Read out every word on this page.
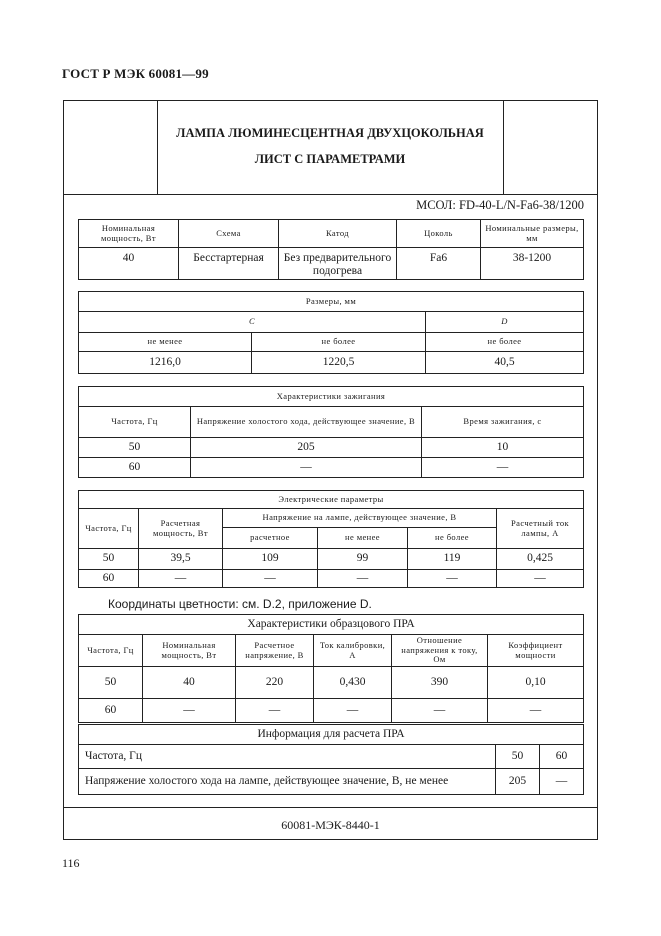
ГОСТ Р МЭК 60081—99
ЛАМПА ЛЮМИНЕСЦЕНТНАЯ ДВУХЦОКОЛЬНАЯ
ЛИСТ С ПАРАМЕТРАМИ
МСОЛ: FD-40-L/N-Fa6-38/1200
Номинальная мощность, Вт	Схема	Катод	Цоколь	Номинальные размеры, мм
40	Бесстартерная	Без предварительного подогрева	Fa6	38-1200
Размеры, мм		
C		D
не менее	не более	не более
1216,0	1220,5	40,5
Характеристики зажигания		
Частота, Гц	Напряжение холостого хода, действующее значение, В	Время зажигания, с
50	205	10
60	—	—
Электрические параметры					
Частота, Гц	Расчетная мощность, Вт	Напряжение на лампе, действующее значение, В			Расчетный ток лампы, А
		расчетное	не менее	не более	
50	39,5	109	99	119	0,425
60	—	—	—	—	—
Координаты цветности: см. D.2, приложение D.
Характеристики образцового ПРА					
Частота, Гц	Номинальная мощность, Вт	Расчетное напряжение, В	Ток калибровки, А	Отношение напряжения к току, Ом	Коэффициент мощности
50	40	220	0,430	390	0,10
60	—	—	—	—	—
Информация для расчета ПРА		
Частота, Гц	50	60
Напряжение холостого хода на лампе, действующее значение, В, не менее	205	—
60081-МЭК-8440-1
116
